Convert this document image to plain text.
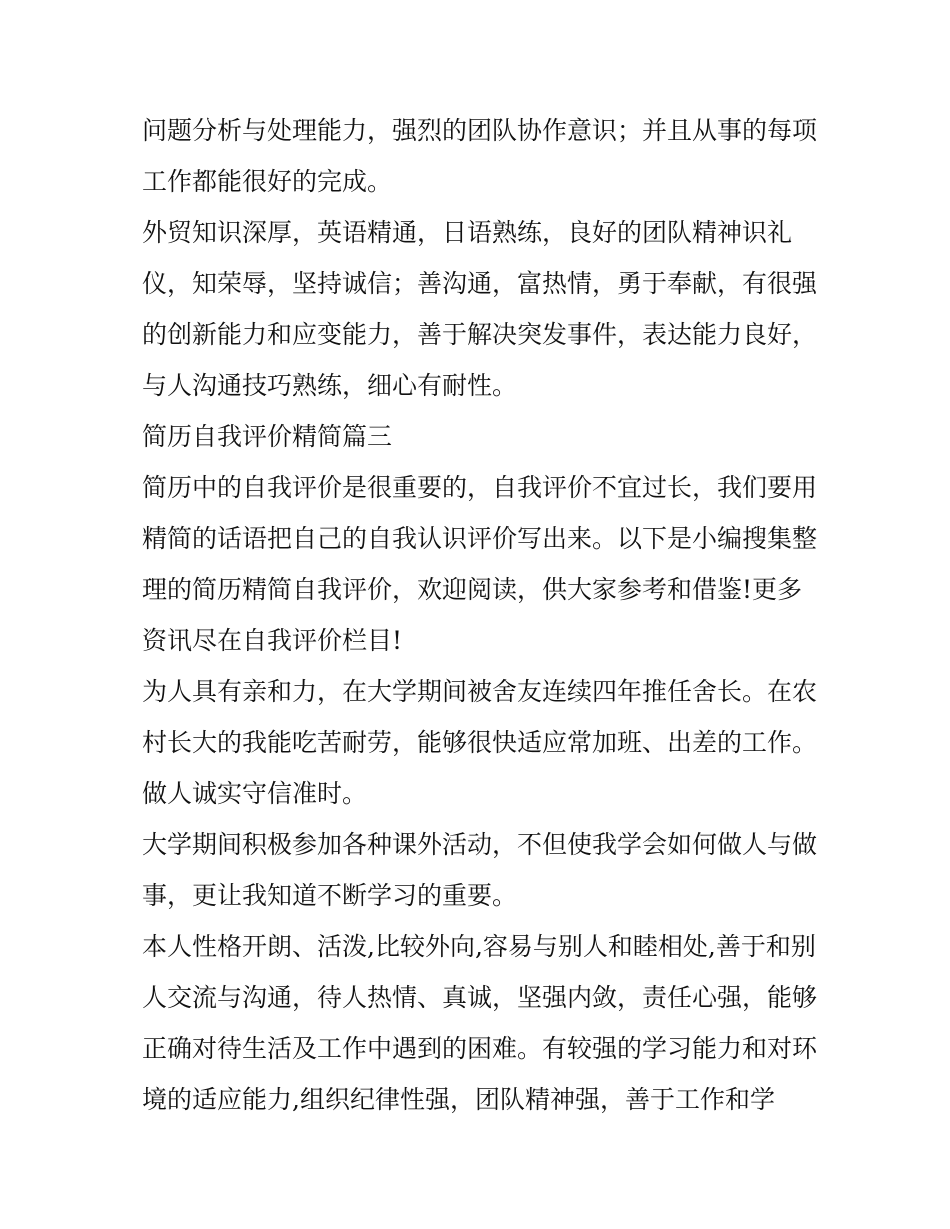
问题分析与处理能力，强烈的团队协作意识；并且从事的每项
工作都能很好的完成。
外贸知识深厚，英语精通，日语熟练，良好的团队精神识礼
仪，知荣辱，坚持诚信；善沟通，富热情，勇于奉献，有很强
的创新能力和应变能力，善于解决突发事件，表达能力良好，
与人沟通技巧熟练，细心有耐性。
简历自我评价精简篇三
简历中的自我评价是很重要的，自我评价不宜过长，我们要用
精简的话语把自己的自我认识评价写出来。以下是小编搜集整
理的简历精简自我评价，欢迎阅读，供大家参考和借鉴!更多
资讯尽在自我评价栏目!
为人具有亲和力，在大学期间被舍友连续四年推任舍长。在农
村长大的我能吃苦耐劳，能够很快适应常加班、出差的工作。
做人诚实守信准时。
大学期间积极参加各种课外活动，不但使我学会如何做人与做
事，更让我知道不断学习的重要。
本人性格开朗、活泼,比较外向,容易与别人和睦相处,善于和别
人交流与沟通，待人热情、真诚，坚强内敛，责任心强，能够
正确对待生活及工作中遇到的困难。有较强的学习能力和对环
境的适应能力,组织纪律性强，团队精神强，善于工作和学
